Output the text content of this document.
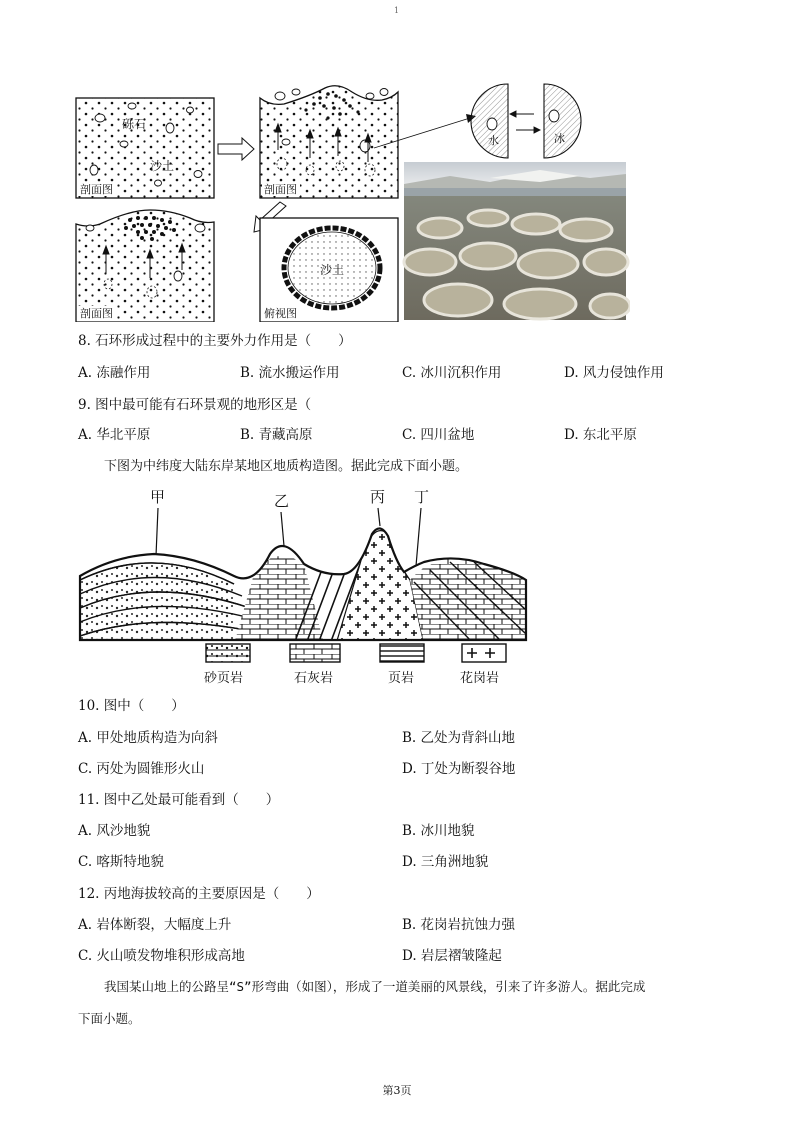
1
砾石
沙土
剖面图	剖面图
水	冰
剖面图
沙土
俯视图
8. 石环形成过程中的主要外力作用是（　　）
A. 冻融作用	B. 流水搬运作用	C. 冰川沉积作用	D. 风力侵蚀作用
9. 图中最可能有石环景观的地形区是（
A. 华北平原	B. 青藏高原	C. 四川盆地	D. 东北平原
下图为中纬度大陆东岸某地区地质构造图。据此完成下面小题。
甲	乙	丙 丁
砂页岩	石灰岩	页岩	花岗岩
10. 图中（　　）
A. 甲处地质构造为向斜	B. 乙处为背斜山地
C. 丙处为圆锥形火山	D. 丁处为断裂谷地
11. 图中乙处最可能看到（　　）
A. 风沙地貌	B. 冰川地貌
C. 喀斯特地貌	D. 三角洲地貌
12. 丙地海拔较高的主要原因是（　　）
A. 岩体断裂，大幅度上升	B. 花岗岩抗蚀力强
C. 火山喷发物堆积形成高地	D. 岩层褶皱隆起
我国某山地上的公路呈“S”形弯曲（如图），形成了一道美丽的风景线，引来了许多游人。据此完成
下面小题。
第3页
